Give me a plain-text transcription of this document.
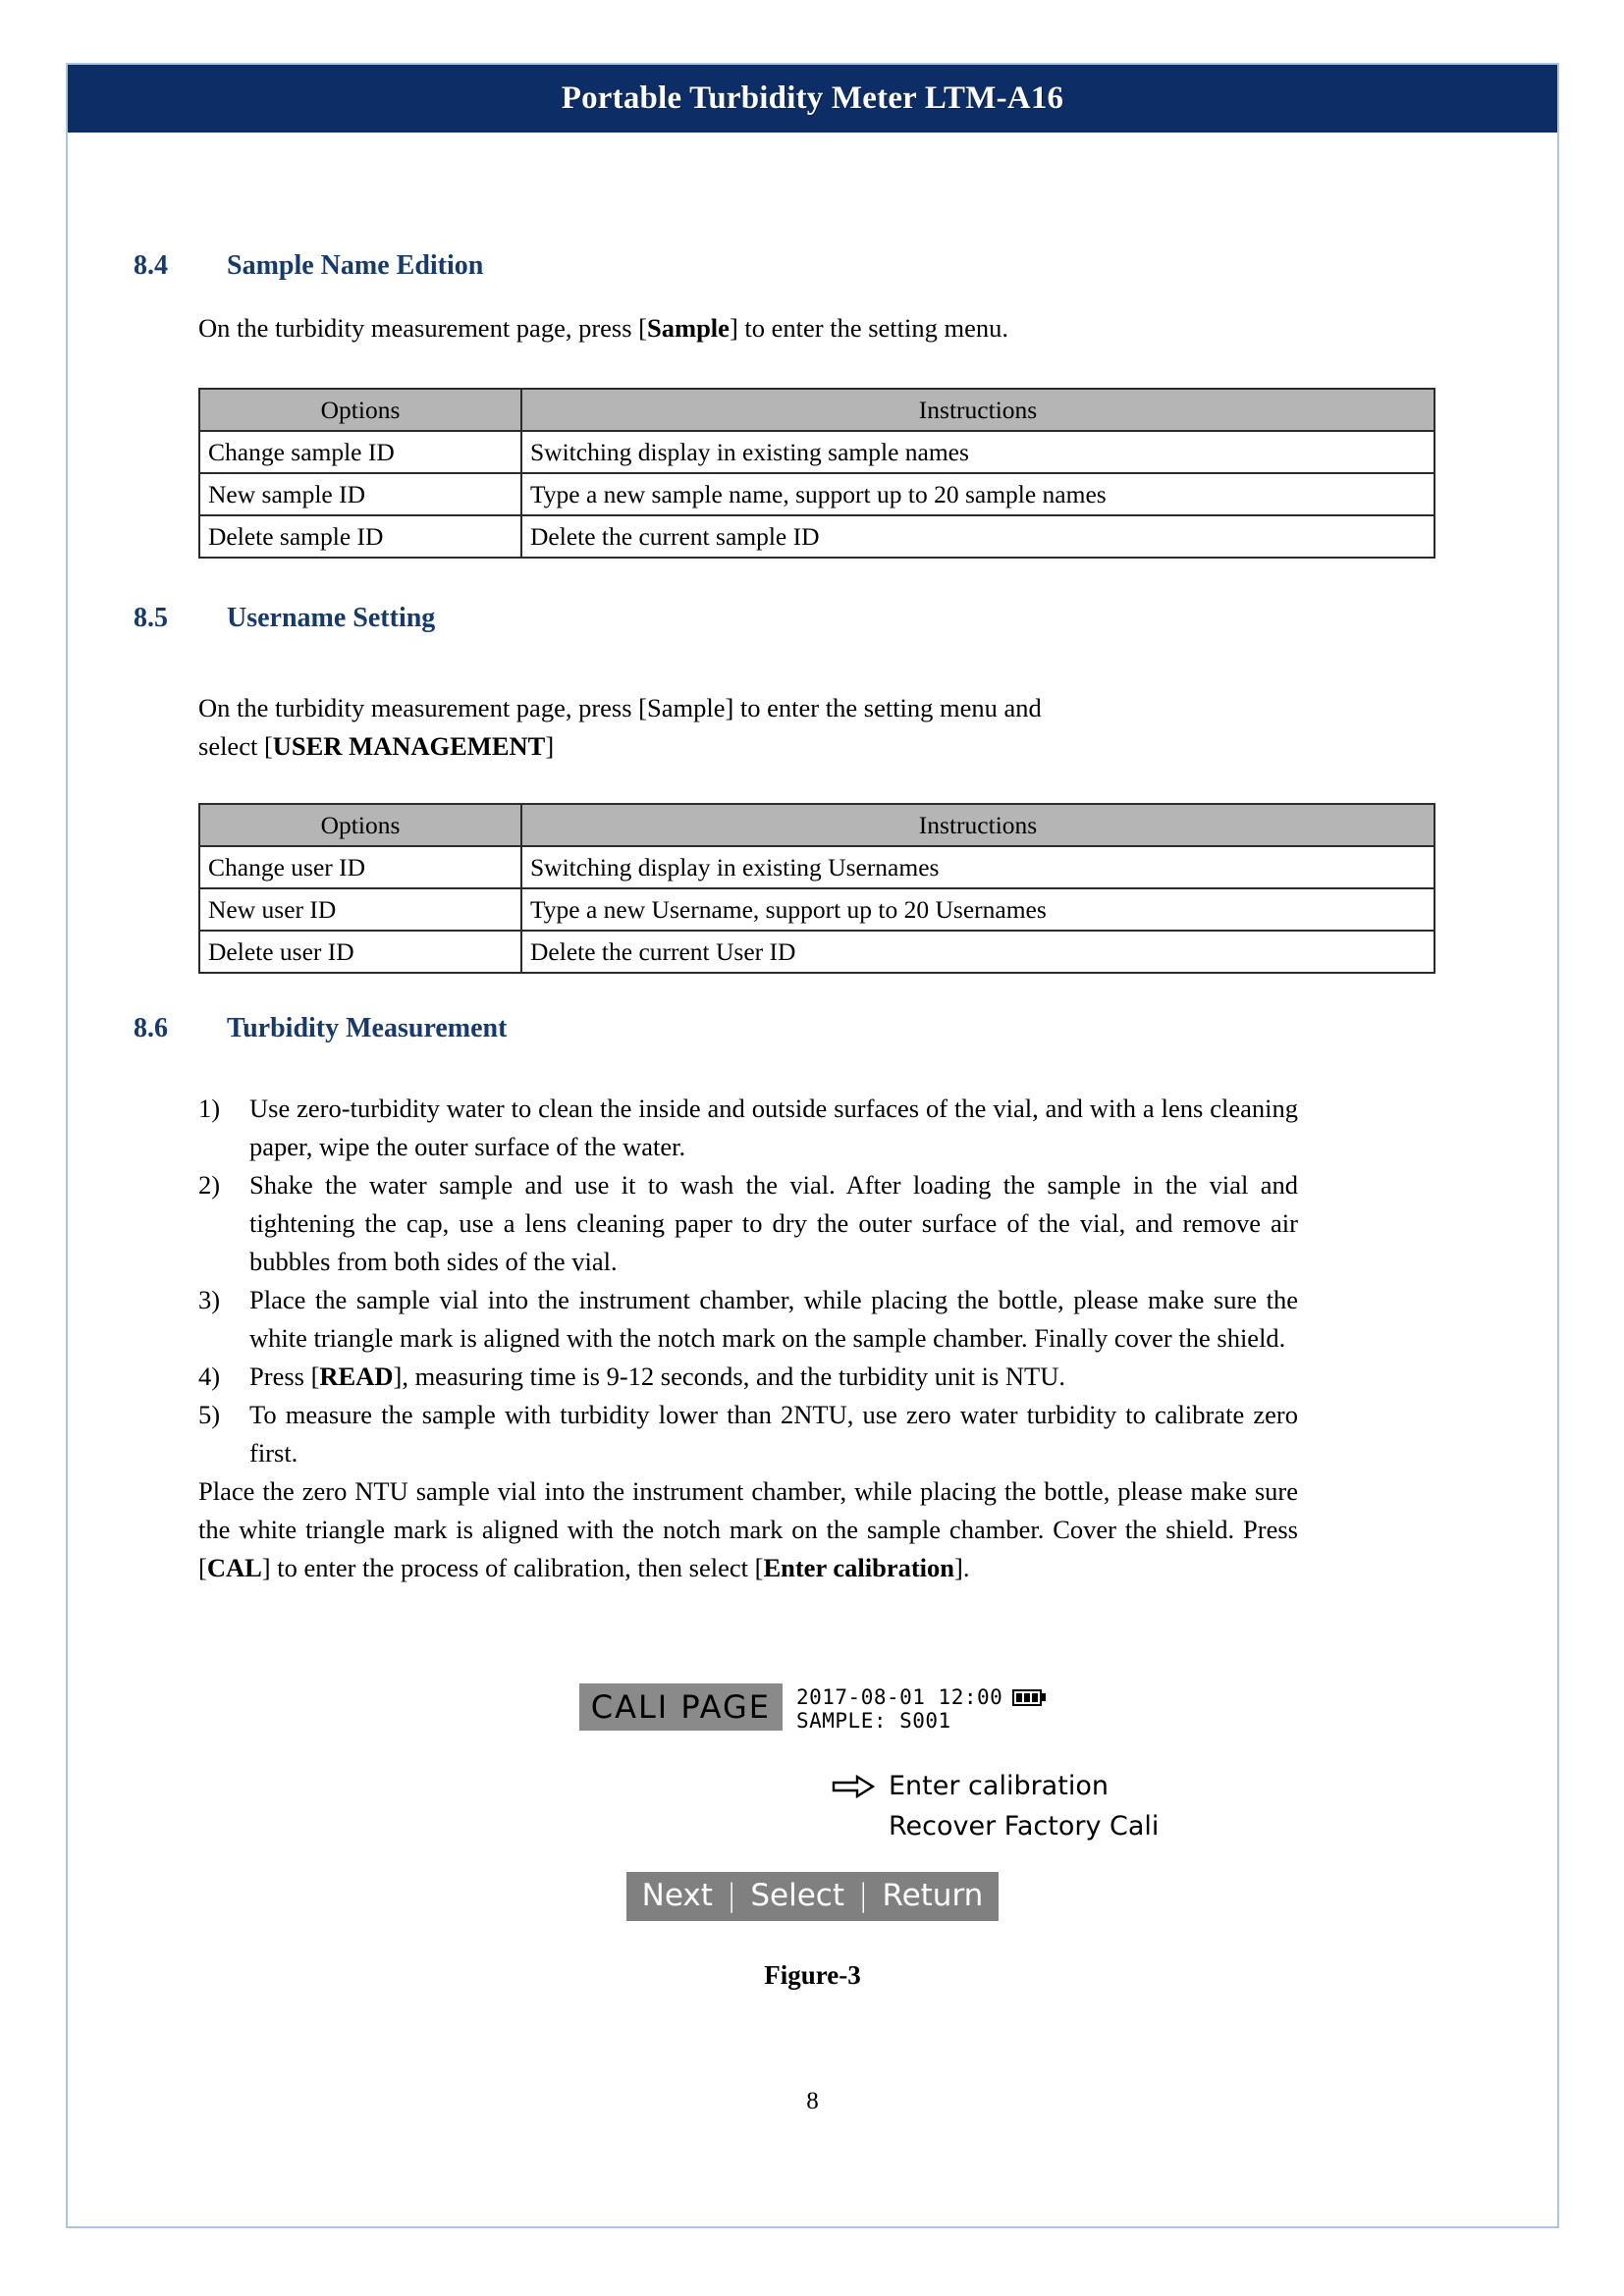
Portable Turbidity Meter LTM-A16
8.4 Sample Name Edition
On the turbidity measurement page, press [Sample] to enter the setting menu.
Options	Instructions
Change sample ID	Switching display in existing sample names
New sample ID	Type a new sample name, support up to 20 sample names
Delete sample ID	Delete the current sample ID
8.5 Username Setting
On the turbidity measurement page, press [Sample] to enter the setting menu and
select [USER MANAGEMENT]
Options	Instructions
Change user ID	Switching display in existing Usernames
New user ID	Type a new Username, support up to 20 Usernames
Delete user ID	Delete the current User ID
8.6 Turbidity Measurement
1)	Use zero-turbidity water to clean the inside and outside surfaces of the vial, and with a lens cleaning paper, wipe the outer surface of the water.
2)	Shake the water sample and use it to wash the vial. After loading the sample in the vial and tightening the cap, use a lens cleaning paper to dry the outer surface of the vial, and remove air bubbles from both sides of the vial.
3)	Place the sample vial into the instrument chamber, while placing the bottle, please make sure the white triangle mark is aligned with the notch mark on the sample chamber. Finally cover the shield.
4)	Press [READ], measuring time is 9-12 seconds, and the turbidity unit is NTU.
5)	To measure the sample with turbidity lower than 2NTU, use zero water turbidity to calibrate zero first.
Place the zero NTU sample vial into the instrument chamber, while placing the bottle, please make sure the white triangle mark is aligned with the notch mark on the sample chamber. Cover the shield. Press [CAL] to enter the process of calibration, then select [Enter calibration].
CALI PAGE	2017-08-01 12:00
SAMPLE: S001
Enter calibration
Recover Factory Cali
Next | Select | Return
Figure-3
8
